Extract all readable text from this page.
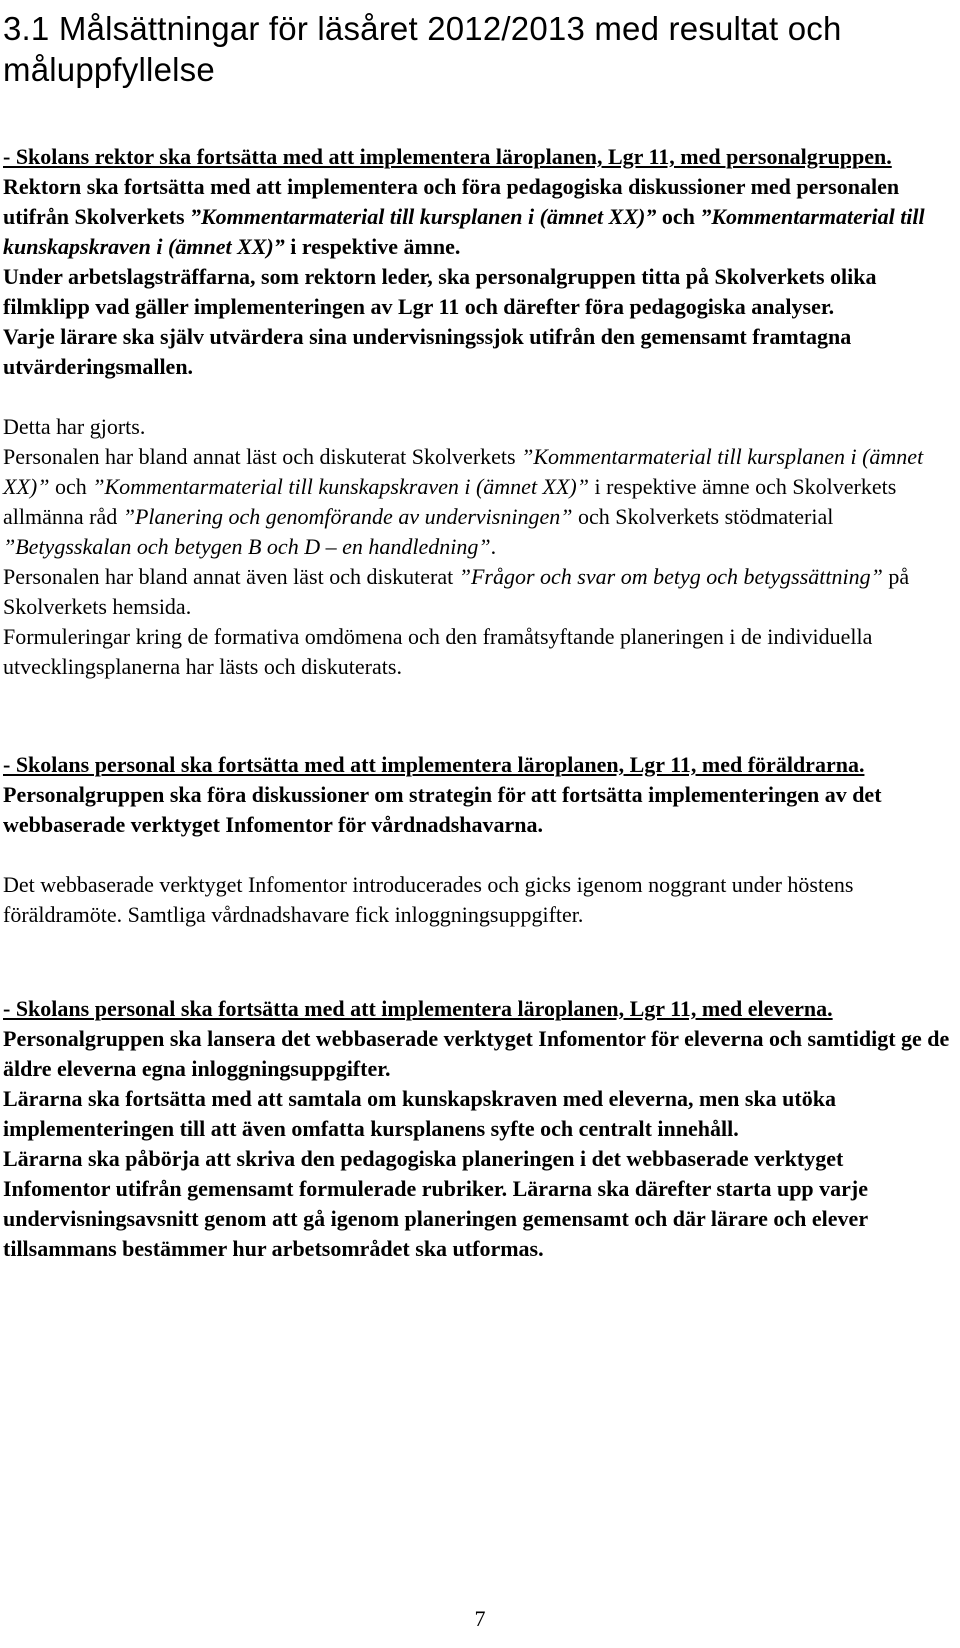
3.1 Målsättningar för läsåret 2012/2013 med resultat och måluppfyllelse

- Skolans rektor ska fortsätta med att implementera läroplanen, Lgr 11, med personalgruppen.

Rektorn ska fortsätta med att implementera och föra pedagogiska diskussioner med personalen utifrån Skolverkets ”Kommentarmaterial till kursplanen i (ämnet XX)” och ”Kommentarmaterial till kunskapskraven i (ämnet XX)” i respektive ämne.

Under arbetslagsträffarna, som rektorn leder, ska personalgruppen titta på Skolverkets olika filmklipp vad gäller implementeringen av Lgr 11 och därefter föra pedagogiska analyser.

Varje lärare ska själv utvärdera sina undervisningssjok utifrån den gemensamt framtagna utvärderingsmallen.

Detta har gjorts.

Personalen har bland annat läst och diskuterat Skolverkets ”Kommentarmaterial till kursplanen i (ämnet XX)” och ”Kommentarmaterial till kunskapskraven i (ämnet XX)” i respektive ämne och Skolverkets allmänna råd ”Planering och genomförande av undervisningen” och Skolverkets stödmaterial ”Betygsskalan och betygen B och D – en handledning”.

Personalen har bland annat även läst och diskuterat ”Frågor och svar om betyg och betygssättning” på Skolverkets hemsida.

Formuleringar kring de formativa omdömena och den framåtsyftande planeringen i de individuella utvecklingsplanerna har lästs och diskuterats.

- Skolans personal ska fortsätta med att implementera läroplanen, Lgr 11, med föräldrarna.

Personalgruppen ska föra diskussioner om strategin för att fortsätta implementeringen av det webbaserade verktyget Infomentor för vårdnadshavarna.

Det webbaserade verktyget Infomentor introducerades och gicks igenom noggrant under höstens föräldramöte. Samtliga vårdnadshavare fick inloggningsuppgifter.

- Skolans personal ska fortsätta med att implementera läroplanen, Lgr 11, med eleverna.

Personalgruppen ska lansera det webbaserade verktyget Infomentor för eleverna och samtidigt ge de äldre eleverna egna inloggningsuppgifter.

Lärarna ska fortsätta med att samtala om kunskapskraven med eleverna, men ska utöka implementeringen till att även omfatta kursplanens syfte och centralt innehåll.

Lärarna ska påbörja att skriva den pedagogiska planeringen i det webbaserade verktyget Infomentor utifrån gemensamt formulerade rubriker. Lärarna ska därefter starta upp varje undervisningsavsnitt genom att gå igenom planeringen gemensamt och där lärare och elever tillsammans bestämmer hur arbetsområdet ska utformas.

7
